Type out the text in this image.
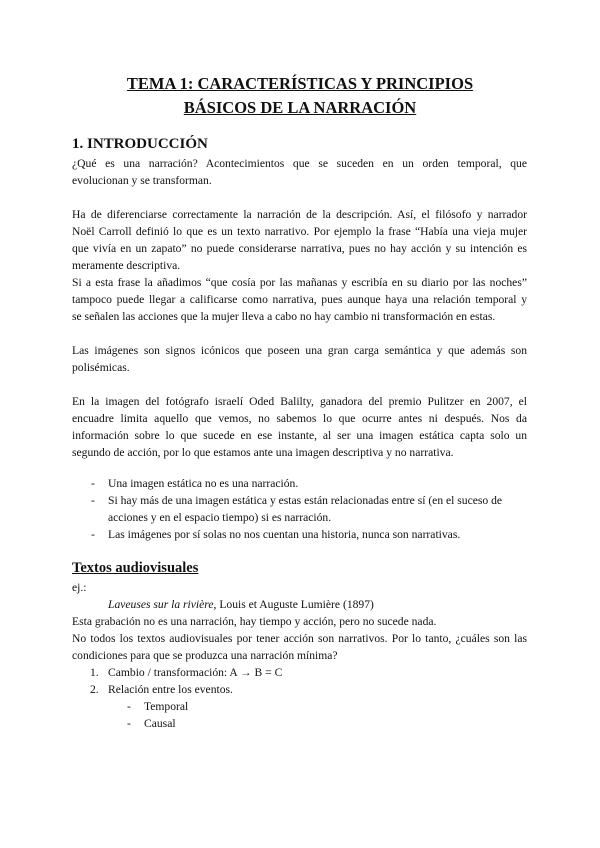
TEMA 1: CARACTERÍSTICAS Y PRINCIPIOS
BÁSICOS DE LA NARRACIÓN
1. INTRODUCCIÓN
¿Qué es una narración? Acontecimientos que se suceden en un orden temporal, que
evolucionan y se transforman.
Ha de diferenciarse correctamente la narración de la descripción. Así, el filósofo y narrador
Noël Carroll definió lo que es un texto narrativo. Por ejemplo la frase “Había una vieja mujer
que vivía en un zapato” no puede considerarse narrativa, pues no hay acción y su intención es
meramente descriptiva.
Si a esta frase la añadimos “que cosía por las mañanas y escribía en su diario por las noches”
tampoco puede llegar a calificarse como narrativa, pues aunque haya una relación temporal y
se señalen las acciones que la mujer lleva a cabo no hay cambio ni transformación en estas.
Las imágenes son signos icónicos que poseen una gran carga semántica y que además son
polisémicas.
En la imagen del fotógrafo israelí Oded Balilty, ganadora del premio Pulitzer en 2007, el
encuadre limita aquello que vemos, no sabemos lo que ocurre antes ni después. Nos da
información sobre lo que sucede en ese instante, al ser una imagen estática capta solo un
segundo de acción, por lo que estamos ante una imagen descriptiva y no narrativa.
- Una imagen estática no es una narración.
- Si hay más de una imagen estática y estas están relacionadas entre sí (en el suceso de
acciones y en el espacio tiempo) si es narración.
- Las imágenes por sí solas no nos cuentan una historia, nunca son narrativas.
Textos audiovisuales
ej.:
Laveuses sur la rivière, Louis et Auguste Lumière (1897)
Esta grabación no es una narración, hay tiempo y acción, pero no sucede nada.
No todos los textos audiovisuales por tener acción son narrativos. Por lo tanto, ¿cuáles son las
condiciones para que se produzca una narración mínima?
1. Cambio / transformación: A → B = C
2. Relación entre los eventos.
- Temporal
- Causal
